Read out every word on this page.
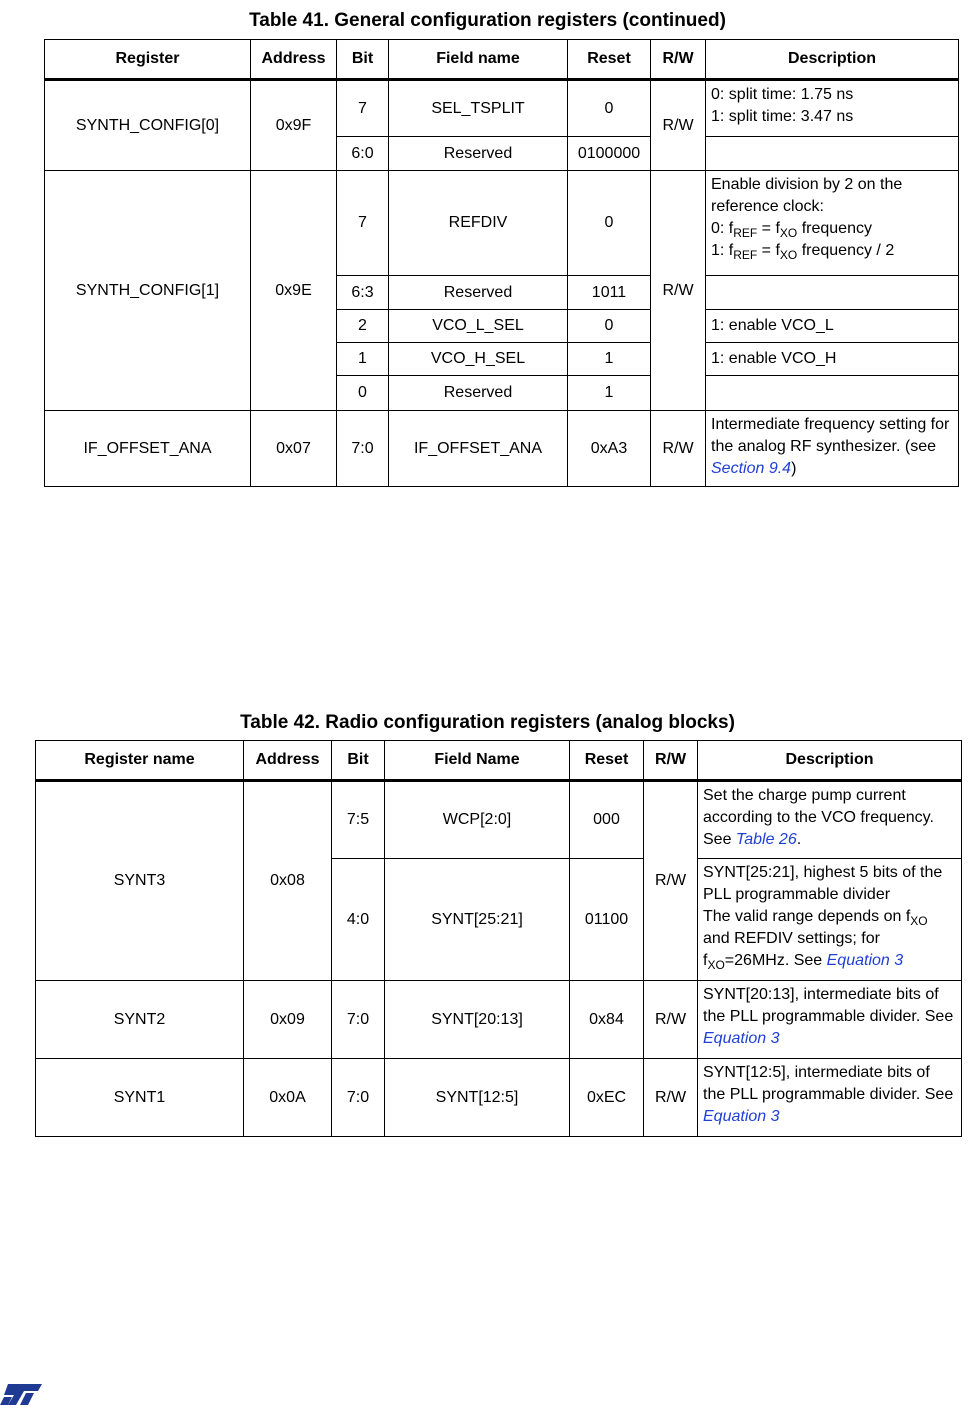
Table 41. General configuration registers (continued)
Register	Address	Bit	Field name	Reset	R/W	Description
SYNTH_CONFIG[0]	0x9F	7	SEL_TSPLIT	0	R/W	0: split time: 1.75 ns
1: split time: 3.47 ns

		6:0	Reserved	0100000		
SYNTH_CONFIG[1]	0x9E	7	REFDIV	0	R/W	Enable division by 2 on the reference clock:
0: $f_{REF} = f_{XO}$ frequency
1: $f_{REF} = f_{XO}$ frequency / 2

		6:3	Reserved	1011		
		2	VCO_L_SEL	0		1: enable VCO_L
		1	VCO_H_SEL	1		1: enable VCO_H
		0	Reserved	1		
IF_OFFSET_ANA	0x07	7:0	IF_OFFSET_ANA	0xA3	R/W	Intermediate frequency setting for the analog RF synthesizer. (see Section 9.4)
Table 42. Radio configuration registers (analog blocks)
Register name	Address	Bit	Field Name	Reset	R/W	Description
SYNT3	0x08	7:5	WCP[2:0]	000	R/W	Set the charge pump current according to the VCO frequency. See Table 26.
		4:0	SYNT[25:21]	01100		SYNT[25:21], highest 5 bits of the PLL programmable divider
The valid range depends on $f_{XO}$ and REFDIV settings; for $f_{XO}=26MHz$. See Equation 3

SYNT2	0x09	7:0	SYNT[20:13]	0x84	R/W	SYNT[20:13], intermediate bits of the PLL programmable divider. See Equation 3
SYNT1	0x0A	7:0	SYNT[12:5]	0xEC	R/W	SYNT[12:5], intermediate bits of the PLL programmable divider. See Equation 3
